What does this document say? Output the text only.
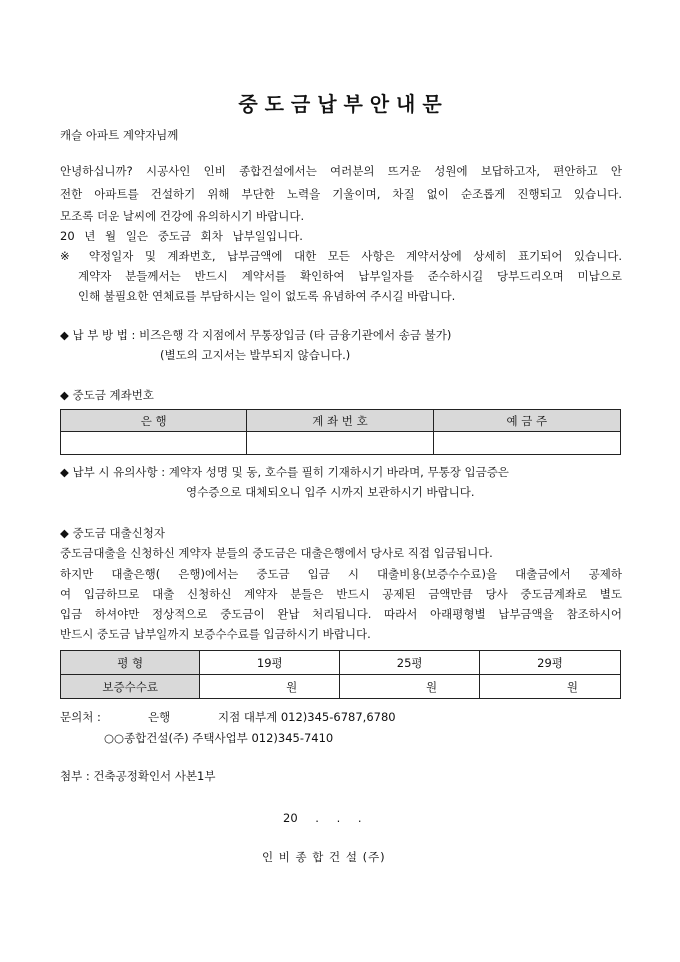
중 도 금 납 부 안 내 문
캐슬 아파트 계약자님께
안녕하십니까? 시공사인 인비 종합건설에서는 여러분의 뜨거운 성원에 보답하고자, 편안하고 안
전한 아파트를 건설하기 위해 부단한 노력을 기울이며, 차질 없이 순조롭게 진행되고 있습니다.
모조록 더운 날씨에 건강에 유의하시기 바랍니다.
20 년 월 일은 중도금 회차 납부일입니다.
※ 약정일자 및 계좌번호, 납부금액에 대한 모든 사항은 계약서상에 상세히 표기되어 있습니다.
계약자 분들께서는 반드시 계약서를 확인하여 납부일자를 준수하시길 당부드리오며 미납으로
인해 불필요한 연체료를 부담하시는 일이 없도록 유념하여 주시길 바랍니다.
◆ 납 부 방 법 : 비즈은행 각 지점에서 무통장입금 (타 금융기관에서 송금 불가)
(별도의 고지서는 발부되지 않습니다.)
◆ 중도금 계좌번호
은 행	계 좌 번 호	예 금 주

◆ 납부 시 유의사항 : 계약자 성명 및 동, 호수를 필히 기재하시기 바라며, 무통장 입금증은
영수증으로 대체되오니 입주 시까지 보관하시기 바랍니다.
◆ 중도금 대출신청자
중도금대출을 신청하신 계약자 분들의 중도금은 대출은행에서 당사로 직접 입금됩니다.
하지만 대출은행( 은행)에서는 중도금 입금 시 대출비용(보증수수료)을 대출금에서 공제하
여 입금하므로 대출 신청하신 계약자 분들은 반드시 공제된 금액만큼 당사 중도금계좌로 별도
입금 하셔야만 정상적으로 중도금이 완납 처리됩니다. 따라서 아래평형별 납부금액을 참조하시어
반드시 중도금 납부일까지 보증수수료를 입금하시기 바랍니다.
평 형	19평	25평	29평
보증수수료	원	원	원
문의처 :	은행	지점 대부계 012)345-6787,6780
○○종합건설(주) 주택사업부 012)345-7410
첨부 : 건축공정확인서 사본1부
20 . . .
인 비 종 합 건 설 (주)
